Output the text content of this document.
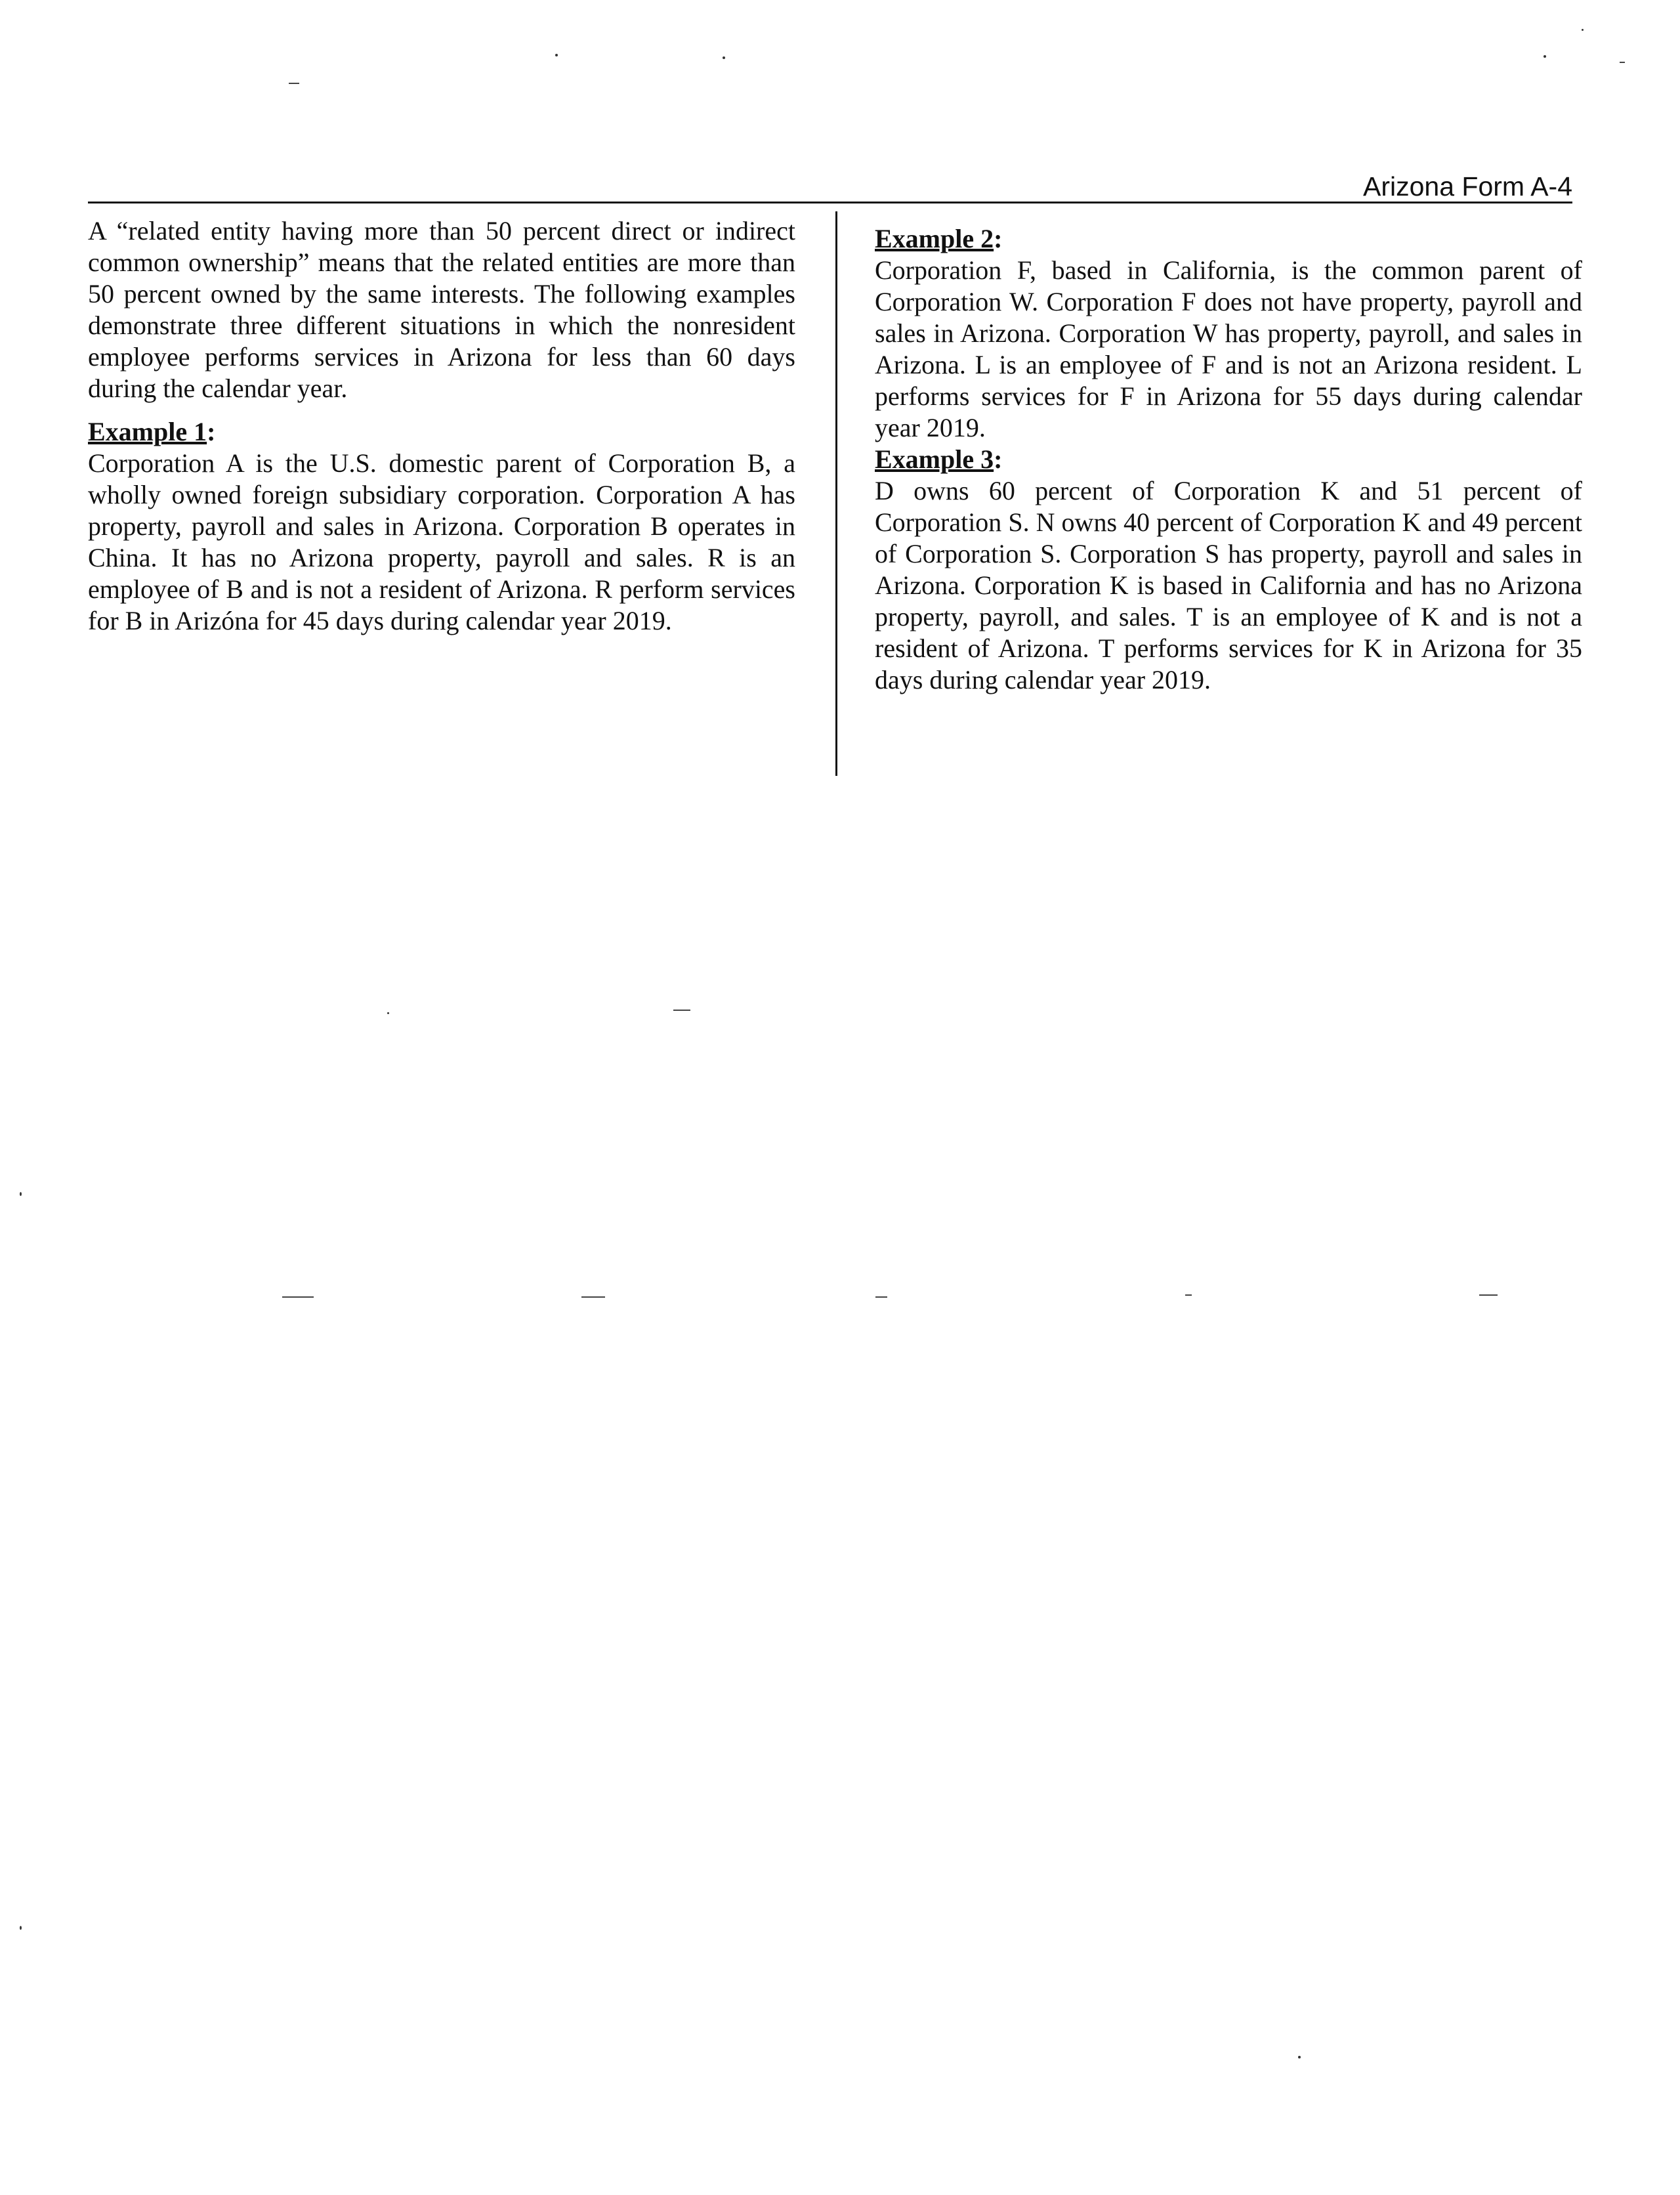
Arizona Form A-4

A “related entity having more than 50 percent direct or indirect common ownership” means that the related entities are more than 50 percent owned by the same interests. The following examples demonstrate three different situations in which the nonresident employee performs services in Arizona for less than 60 days during the calendar year.

Example 1:

Corporation A is the U.S. domestic parent of Corporation B, a wholly owned foreign subsidiary corporation. Corporation A has property, payroll and sales in Arizona. Corporation B operates in China. It has no Arizona property, payroll and sales. R is an employee of B and is not a resident of Arizona. R perform services for B in Arizóna for 45 days during calendar year 2019.

Example 2:

Corporation F, based in California, is the common parent of Corporation W. Corporation F does not have property, payroll and sales in Arizona. Corporation W has property, payroll, and sales in Arizona. L is an employee of F and is not an Arizona resident. L performs services for F in Arizona for 55 days during calendar year 2019.

Example 3:

D owns 60 percent of Corporation K and 51 percent of Corporation S. N owns 40 percent of Corporation K and 49 percent of Corporation S. Corporation S has property, payroll and sales in Arizona. Corporation K is based in California and has no Arizona property, payroll, and sales. T is an employee of K and is not a resident of Arizona. T performs services for K in Arizona for 35 days during calendar year 2019.
